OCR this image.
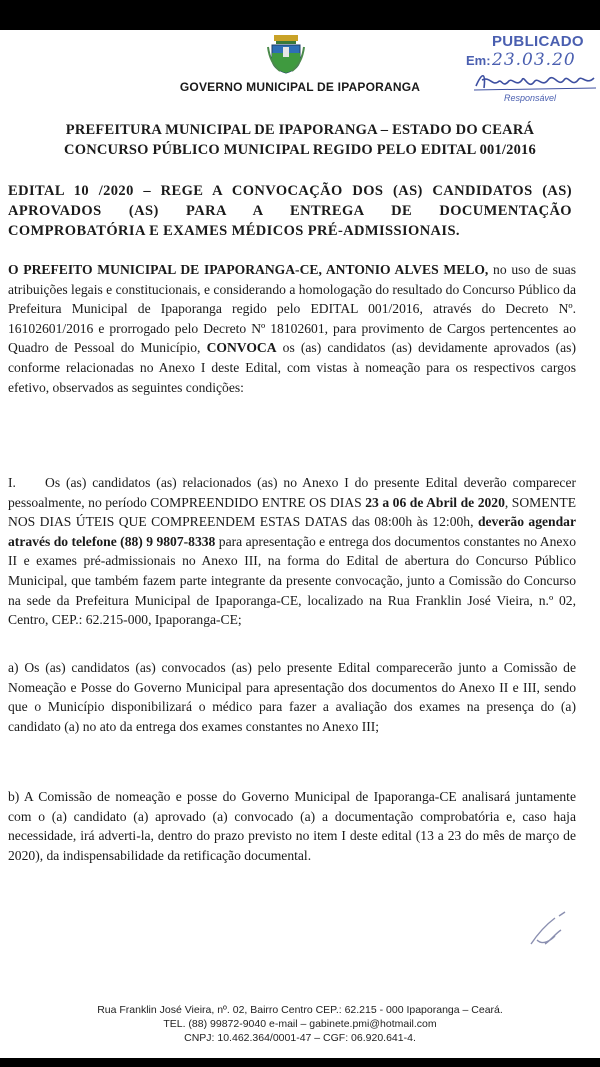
GOVERNO MUNICIPAL DE IPAPORANGA
PUBLICADO
Em: 23.03.20
Responsável
PREFEITURA MUNICIPAL DE IPAPORANGA – ESTADO DO CEARÁ
CONCURSO PÚBLICO MUNICIPAL REGIDO PELO EDITAL 001/2016
EDITAL 10 /2020 – REGE A CONVOCAÇÃO DOS (AS) CANDIDATOS (AS) APROVADOS (AS) PARA A ENTREGA DE DOCUMENTAÇÃO COMPROBATÓRIA E EXAMES MÉDICOS PRÉ-ADMISSIONAIS.
O PREFEITO MUNICIPAL DE IPAPORANGA-CE, ANTONIO ALVES MELO, no uso de suas atribuições legais e constitucionais, e considerando a homologação do resultado do Concurso Público da Prefeitura Municipal de Ipaporanga regido pelo EDITAL 001/2016, através do Decreto Nº. 16102601/2016 e prorrogado pelo Decreto Nº 18102601, para provimento de Cargos pertencentes ao Quadro de Pessoal do Município, CONVOCA os (as) candidatos (as) devidamente aprovados (as) conforme relacionadas no Anexo I deste Edital, com vistas à nomeação para os respectivos cargos efetivo, observados as seguintes condições:
I. Os (as) candidatos (as) relacionados (as) no Anexo I do presente Edital deverão comparecer pessoalmente, no período COMPREENDIDO ENTRE OS DIAS 23 a 06 de Abril de 2020, SOMENTE NOS DIAS ÚTEIS QUE COMPREENDEM ESTAS DATAS das 08:00h às 12:00h, deverão agendar através do telefone (88) 9 9807-8338 para apresentação e entrega dos documentos constantes no Anexo II e exames pré-admissionais no Anexo III, na forma do Edital de abertura do Concurso Público Municipal, que também fazem parte integrante da presente convocação, junto a Comissão do Concurso na sede da Prefeitura Municipal de Ipaporanga-CE, localizado na Rua Franklin José Vieira, n.º 02, Centro, CEP.: 62.215-000, Ipaporanga-CE;
a) Os (as) candidatos (as) convocados (as) pelo presente Edital comparecerão junto a Comissão de Nomeação e Posse do Governo Municipal para apresentação dos documentos do Anexo II e III, sendo que o Município disponibilizará o médico para fazer a avaliação dos exames na presença do (a) candidato (a) no ato da entrega dos exames constantes no Anexo III;
b) A Comissão de nomeação e posse do Governo Municipal de Ipaporanga-CE analisará juntamente com o (a) candidato (a) aprovado (a) convocado (a) a documentação comprobatória e, caso haja necessidade, irá adverti-la, dentro do prazo previsto no item I deste edital (13 a 23 do mês de março de 2020), da indispensabilidade da retificação documental.
Rua Franklin José Vieira, nº. 02, Bairro Centro CEP.: 62.215 - 000 Ipaporanga – Ceará.
TEL. (88) 99872-9040 e-mail – gabinete.pmi@hotmail.com
CNPJ: 10.462.364/0001-47 – CGF: 06.920.641-4.
